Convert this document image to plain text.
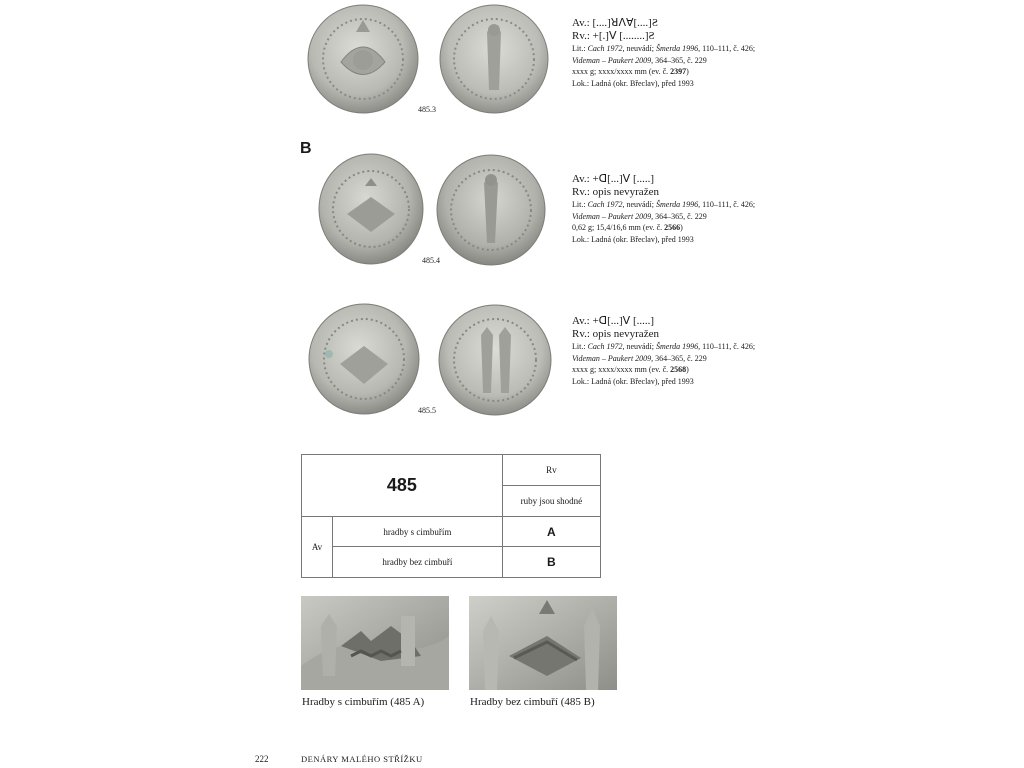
485.3
Av.: [....]ꓤꓥꓯ[....]Ƨ
Rv.: +[.]ꓦ [........]Ƨ
Lit.: Cach 1972, neuvádí; Šmerda 1996, 110–111, č. 426;
Videman – Paukert 2009, 364–365, č. 229
xxxx g; xxxx/xxxx mm (ev. č. 2397)
Lok.: Ladná (okr. Břeclav), před 1993
B
485.4
Av.: +ꓷ[...]ꓦ [.....]
Rv.: opis nevyražen
Lit.: Cach 1972, neuvádí; Šmerda 1996, 110–111, č. 426;
Videman – Paukert 2009, 364–365, č. 229
0,62 g; 15,4/16,6 mm (ev. č. 2566)
Lok.: Ladná (okr. Břeclav), před 1993
485.5
Av.: +ꓷ[...]ꓦ [.....]
Rv.: opis nevyražen
Lit.: Cach 1972, neuvádí; Šmerda 1996, 110–111, č. 426;
Videman – Paukert 2009, 364–365, č. 229
xxxx g; xxxx/xxxx mm (ev. č. 2568)
Lok.: Ladná (okr. Břeclav), před 1993
485		Rv
		ruby jsou shodné
Av	hradby s cimbuřím	A
	hradby bez cimbuří	B
Hradby s cimbuřím (485 A)	Hradby bez cimbuří (485 B)
222	DENÁRY MALÉHO STŘÍŽKU
